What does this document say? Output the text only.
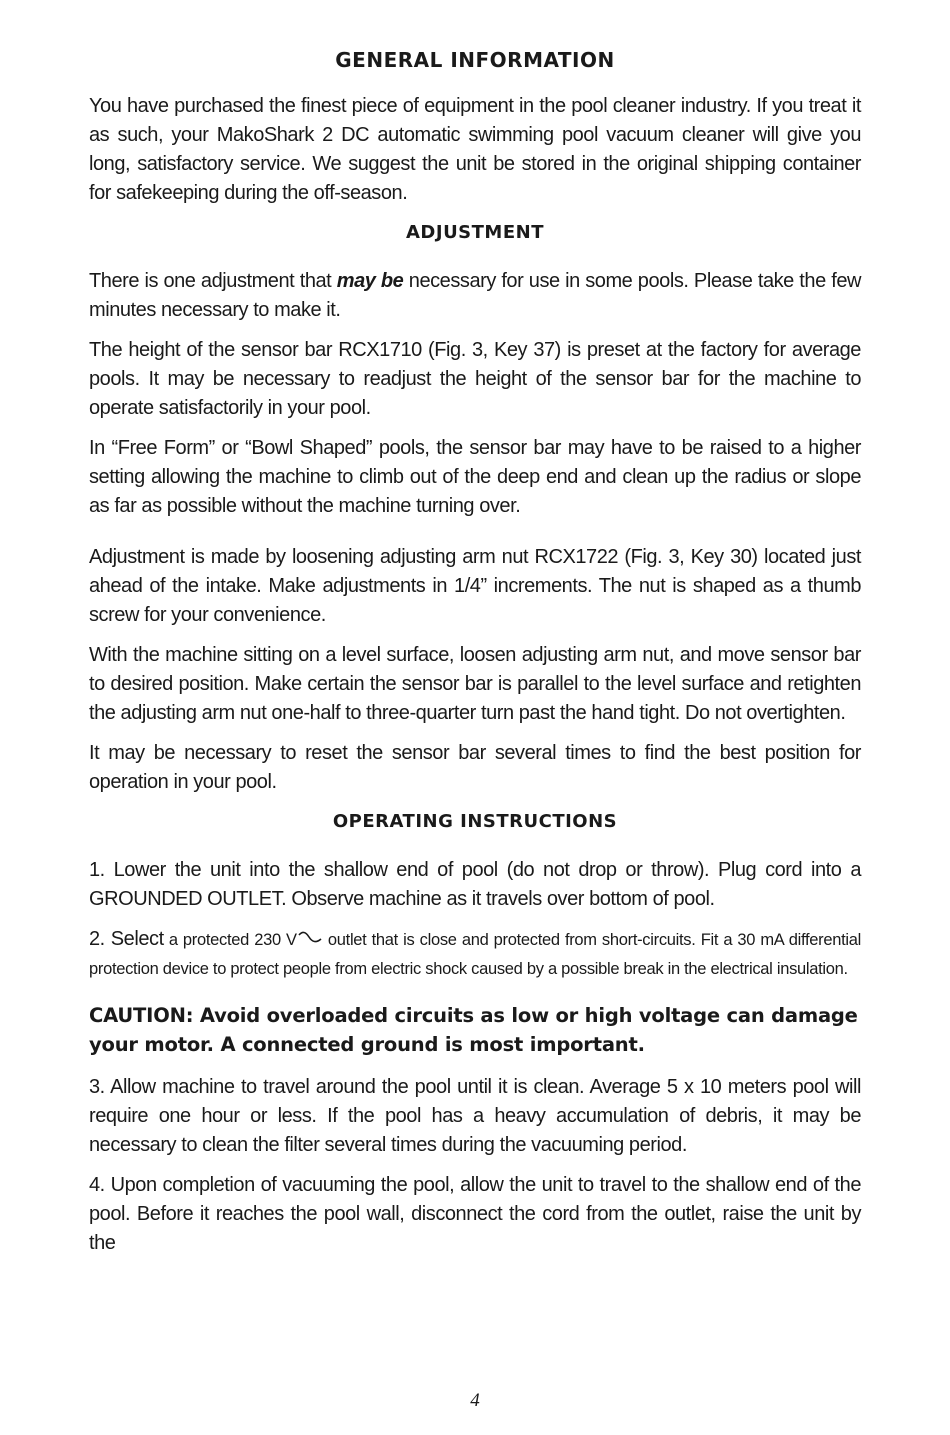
GENERAL INFORMATION

You have purchased the finest piece of equipment in the pool cleaner industry. If you treat it as such, your MakoShark 2 DC automatic swimming pool vacuum cleaner will give you long, satisfactory service. We suggest the unit be stored in the original shipping container for safekeeping during the off-season.

ADJUSTMENT

There is one adjustment that may be necessary for use in some pools. Please take the few minutes necessary to make it.

The height of the sensor bar RCX1710 (Fig. 3, Key 37) is preset at the factory for average pools. It may be necessary to readjust the height of the sensor bar for the machine to operate satisfactorily in your pool.

In “Free Form” or “Bowl Shaped” pools, the sensor bar may have to be raised to a higher setting allowing the machine to climb out of the deep end and clean up the radius or slope as far as possible without the machine turning over.

Adjustment is made by loosening adjusting arm nut RCX1722 (Fig. 3, Key 30) located just ahead of the intake. Make adjustments in 1/4” increments. The nut is shaped as a thumb screw for your convenience.

With the machine sitting on a level surface, loosen adjusting arm nut, and move sensor bar to desired position. Make certain the sensor bar is parallel to the level surface and retighten the adjusting arm nut one-half to three-quarter turn past the hand tight. Do not overtighten.

It may be necessary to reset the sensor bar several times to find the best position for operation in your pool.

OPERATING INSTRUCTIONS

1. Lower the unit into the shallow end of pool (do not drop or throw). Plug cord into a GROUNDED OUTLET. Observe machine as it travels over bottom of pool.

2. Select a protected 230 V outlet that is close and protected from short-circuits. Fit a 30 mA differential protection device to protect people from electric shock caused by a possible break in the electrical insulation.

CAUTION: Avoid overloaded circuits as low or high voltage can damage your motor. A connected ground is most important.

3. Allow machine to travel around the pool until it is clean. Average 5 x 10 meters pool will require one hour or less. If the pool has a heavy accumulation of debris, it may be necessary to clean the filter several times during the vacuuming period.

4. Upon completion of vacuuming the pool, allow the unit to travel to the shallow end of the pool. Before it reaches the pool wall, disconnect the cord from the outlet, raise the unit by the

4
